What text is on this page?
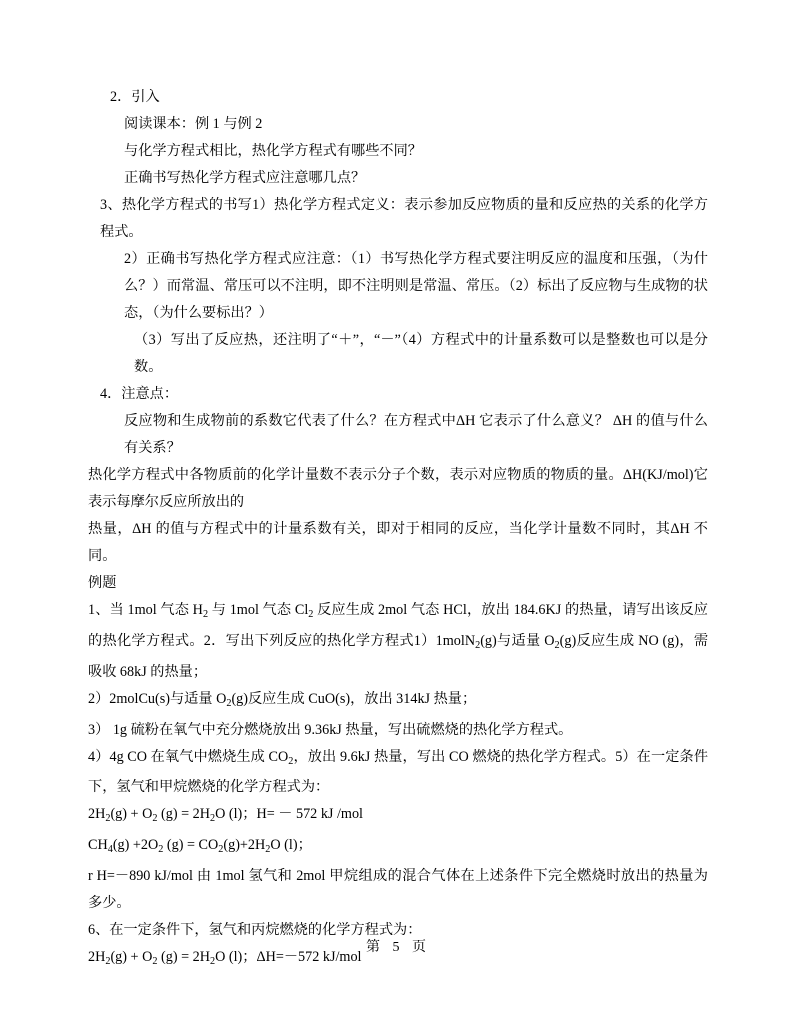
2．引入

阅读课本：例 1 与例 2

与化学方程式相比，热化学方程式有哪些不同？

正确书写热化学方程式应注意哪几点？

3、热化学方程式的书写1）热化学方程式定义：表示参加反应物质的量和反应热的关系的化学方程式。

2）正确书写热化学方程式应注意：（1）书写热化学方程式要注明反应的温度和压强，（为什么？）而常温、常压可以不注明，即不注明则是常温、常压。（2）标出了反应物与生成物的状态，（为什么要标出？）

（3）写出了反应热，还注明了“＋”，“－”（4）方程式中的计量系数可以是整数也可以是分数。

4．注意点：

反应物和生成物前的系数它代表了什么？在方程式中ΔH 它表示了什么意义？ ΔH 的值与什么有关系？

热化学方程式中各物质前的化学计量数不表示分子个数，表示对应物质的物质的量。ΔH(KJ/mol)它表示每摩尔反应所放出的

热量，ΔH 的值与方程式中的计量系数有关，即对于相同的反应，当化学计量数不同时，其ΔH 不同。

例题

1、当 1mol 气态 $H_2$ 与 1mol 气态 $Cl_2$ 反应生成 2mol 气态 HCl，放出 184.6KJ 的热量，请写出该反应的热化学方程式。2．写出下列反应的热化学方程式1）1molN$_2$(g)与适量 $O_2(g)$反应生成 NO (g)，需吸收 68kJ 的热量；

2）2molCu(s)与适量 $O_2(g)$反应生成 CuO(s)，放出 314kJ 热量；

3） 1g 硫粉在氧气中充分燃烧放出 9.36kJ 热量，写出硫燃烧的热化学方程式。

4）4g CO 在氧气中燃烧生成 $CO_2$，放出 9.6kJ 热量，写出 CO 燃烧的热化学方程式。5）在一定条件下，氢气和甲烷燃烧的化学方程式为：

$2H_2(g) + O_2$ $(g) = 2H_2O$ (l)；H= － 572 kJ /mol

$CH_4(g) +2O_2$ $(g) = CO_2(g)+2H_2O$ (l)；

r H=－890 kJ/mol 由 1mol 氢气和 2mol 甲烷组成的混合气体在上述条件下完全燃烧时放出的热量为多少。

6、在一定条件下，氢气和丙烷燃烧的化学方程式为：

$2H_2(g) + O_2$ $(g) = 2H_2O$ (l)；ΔH=－572 kJ/mol

第 5 页
